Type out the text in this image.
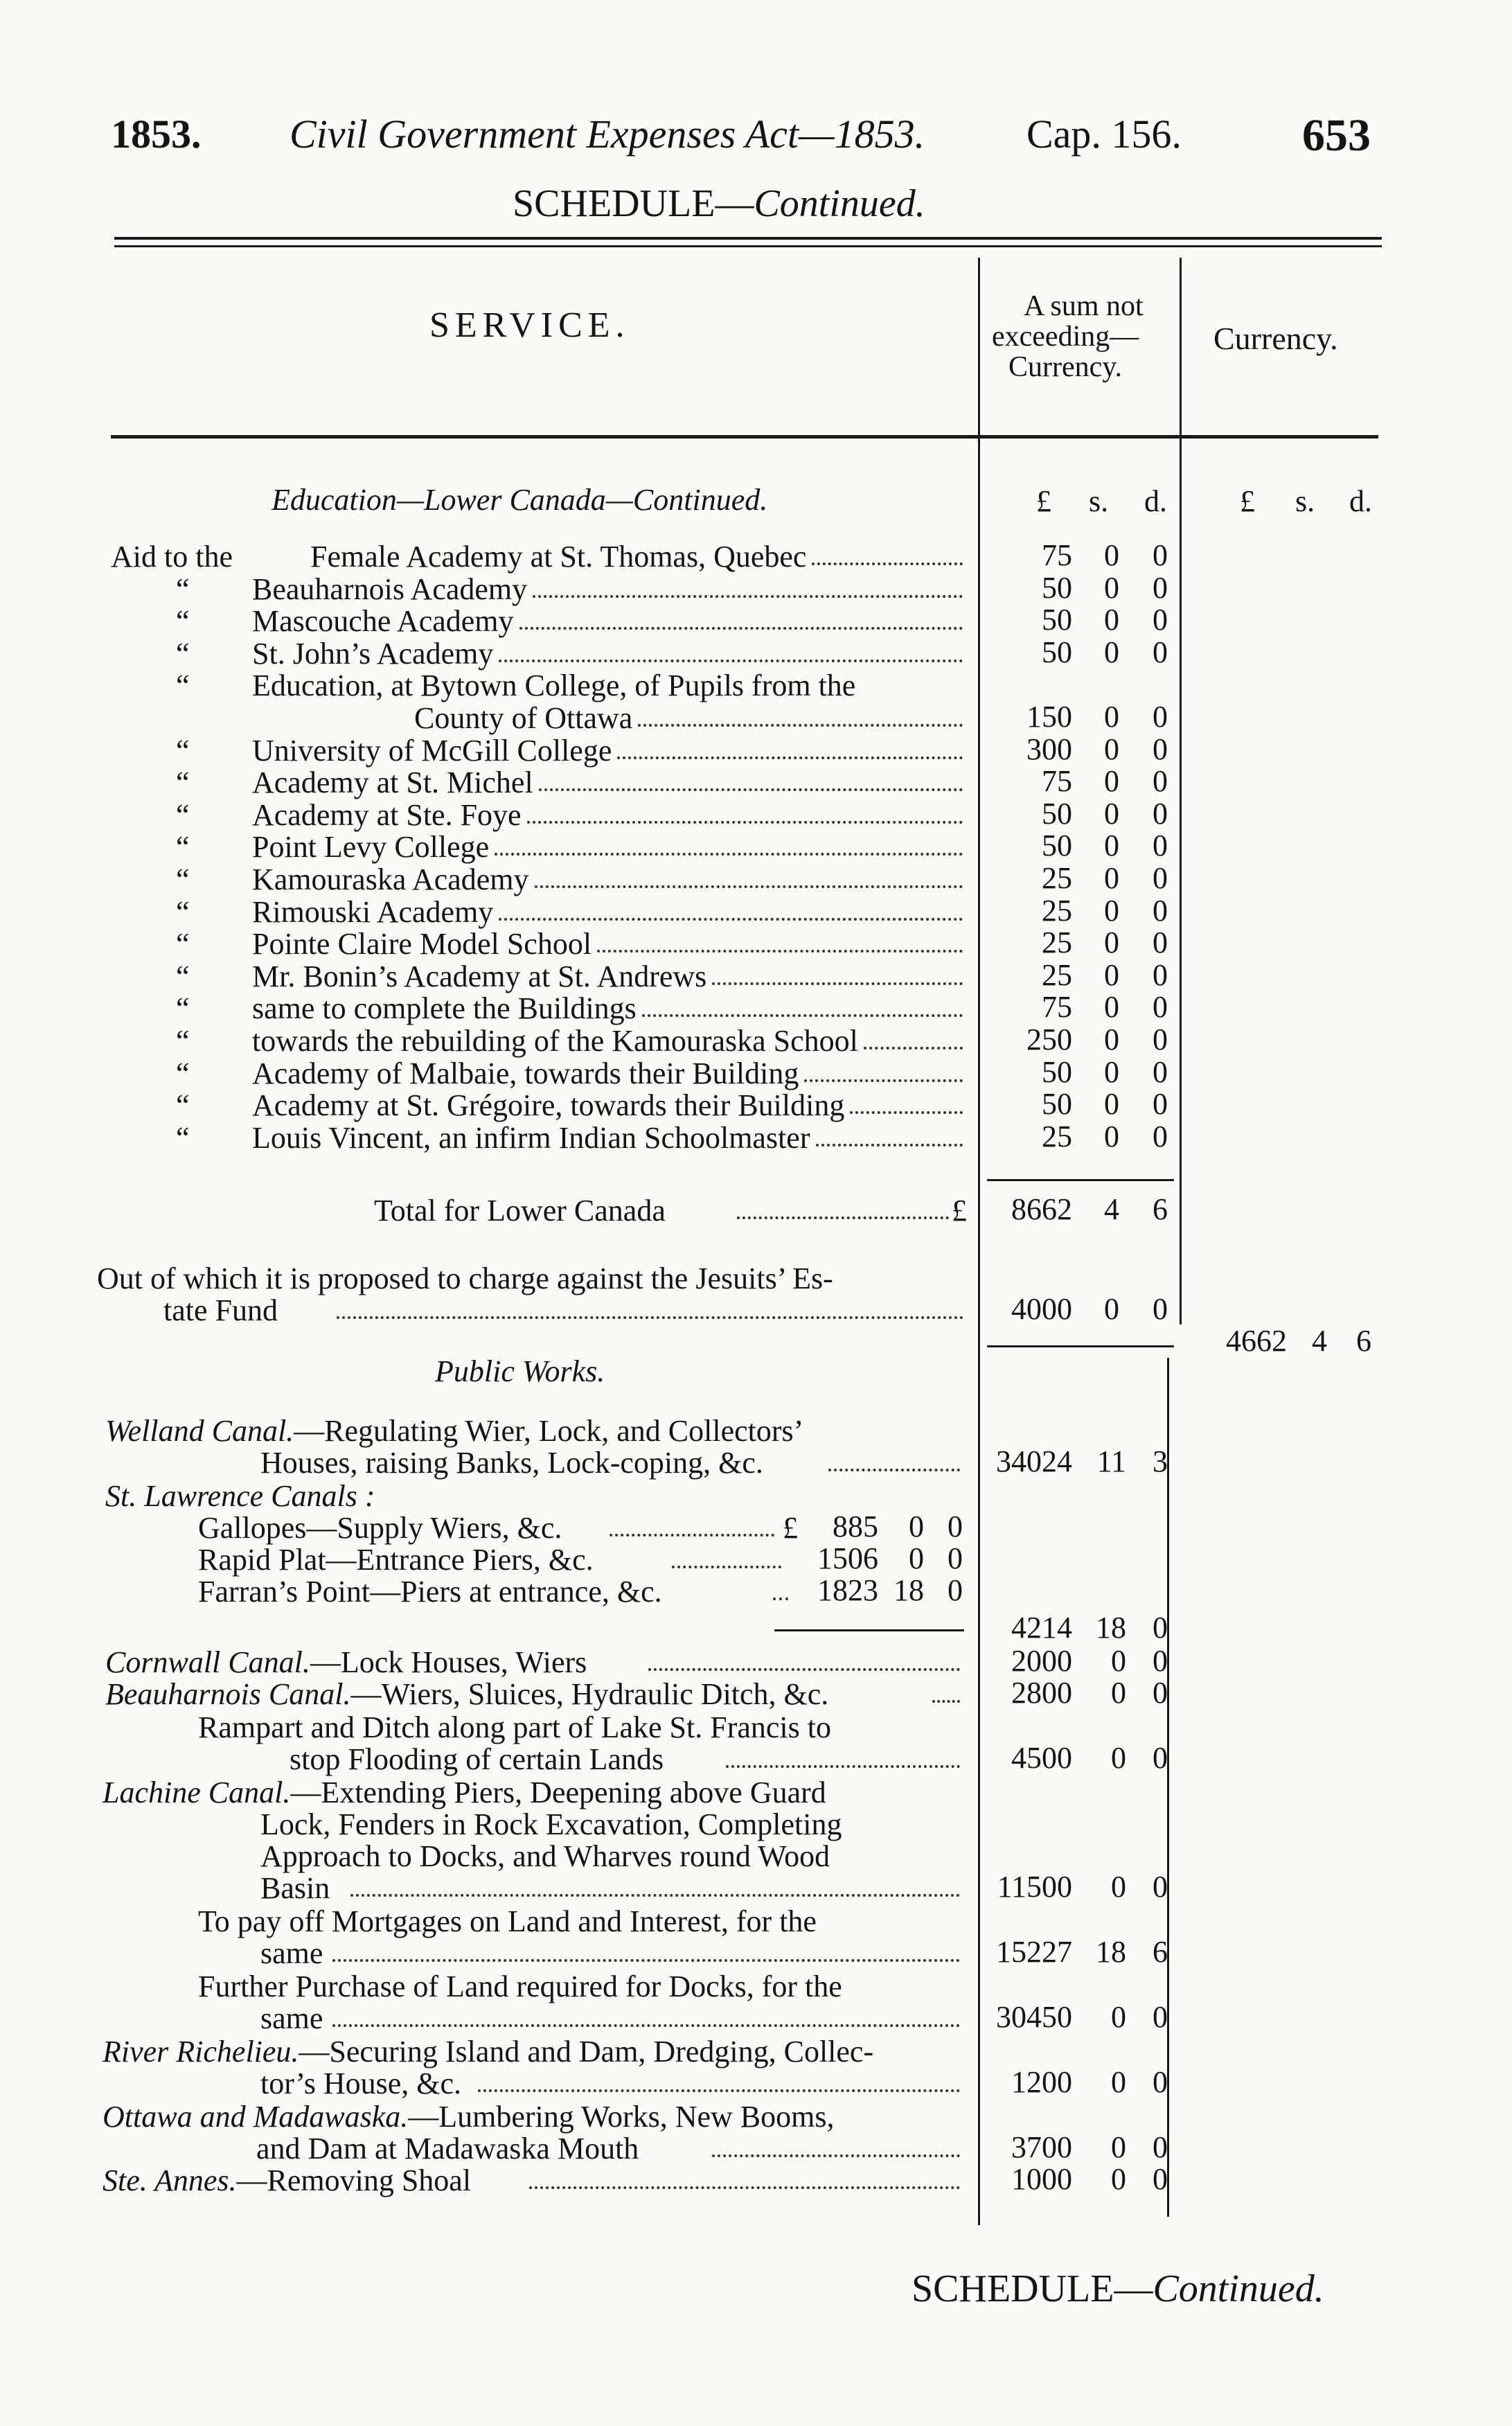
1853. Civil Government Expenses Act—1853.	Cap. 156.	653
SCHEDULE—Continued.
SERVICE.	A sum not
exceeding—
Currency.
Currency.
£ s. d. £ s. d.
Education—Lower Canada—Continued.
Aid to the	Female Academy at St. Thomas, Quebec	75	0	0
“ Beauharnois Academy	50	0	0
“ Mascouche Academy	50	0	0
“ St. John’s Academy	50	0	0
“ Education, at Bytown College, of Pupils from the
County of Ottawa	150	0	0
“ University of McGill College	300	0	0
“ Academy at St. Michel	75	0	0
“ Academy at Ste. Foye	50	0	0
“ Point Levy College	50	0	0
“ Kamouraska Academy	25	0	0
“ Rimouski Academy	25	0	0
“ Pointe Claire Model School	25	0	0
“ Mr. Bonin’s Academy at St. Andrews	25	0	0
“ same to complete the Buildings	75	0	0
“ towards the rebuilding of the Kamouraska School	250	0	0
“ Academy of Malbaie, towards their Building	50	0	0
“ Academy at St. Grégoire, towards their Building	50	0	0
“ Louis Vincent, an infirm Indian Schoolmaster	25	0	0
Total for Lower Canada	£	8662	4	6
Out of which it is proposed to charge against the Jesuits’ Es-
tate Fund	4000	0	0
4662 4 6
Public Works.
Welland Canal.—Regulating Wier, Lock, and Collectors’
Houses, raising Banks, Lock-coping, &c.	34024 11 3
St. Lawrence Canals :
Gallopes—Supply Wiers, &c.	£	885	0 0
Rapid Plat—Entrance Piers, &c.	1506	0 0
Farran’s Point—Piers at entrance, &c.	1823 18 0
4214 18 0
Cornwall Canal.—Lock Houses, Wiers	2000	0 0
Beauharnois Canal.—Wiers, Sluices, Hydraulic Ditch, &c.	2800	0 0
Rampart and Ditch along part of Lake St. Francis to
stop Flooding of certain Lands	4500	0 0
Lachine Canal.—Extending Piers, Deepening above Guard
Lock, Fenders in Rock Excavation, Completing
Approach to Docks, and Wharves round Wood
Basin	11500	0 0
To pay off Mortgages on Land and Interest, for the
same	15227 18 6
Further Purchase of Land required for Docks, for the
same	30450	0 0
River Richelieu.—Securing Island and Dam, Dredging, Collec-
tor’s House, &c.	1200	0 0
Ottawa and Madawaska.—Lumbering Works, New Booms,
and Dam at Madawaska Mouth	3700	0 0
Ste. Annes.—Removing Shoal	1000	0 0
SCHEDULE—Continued.
